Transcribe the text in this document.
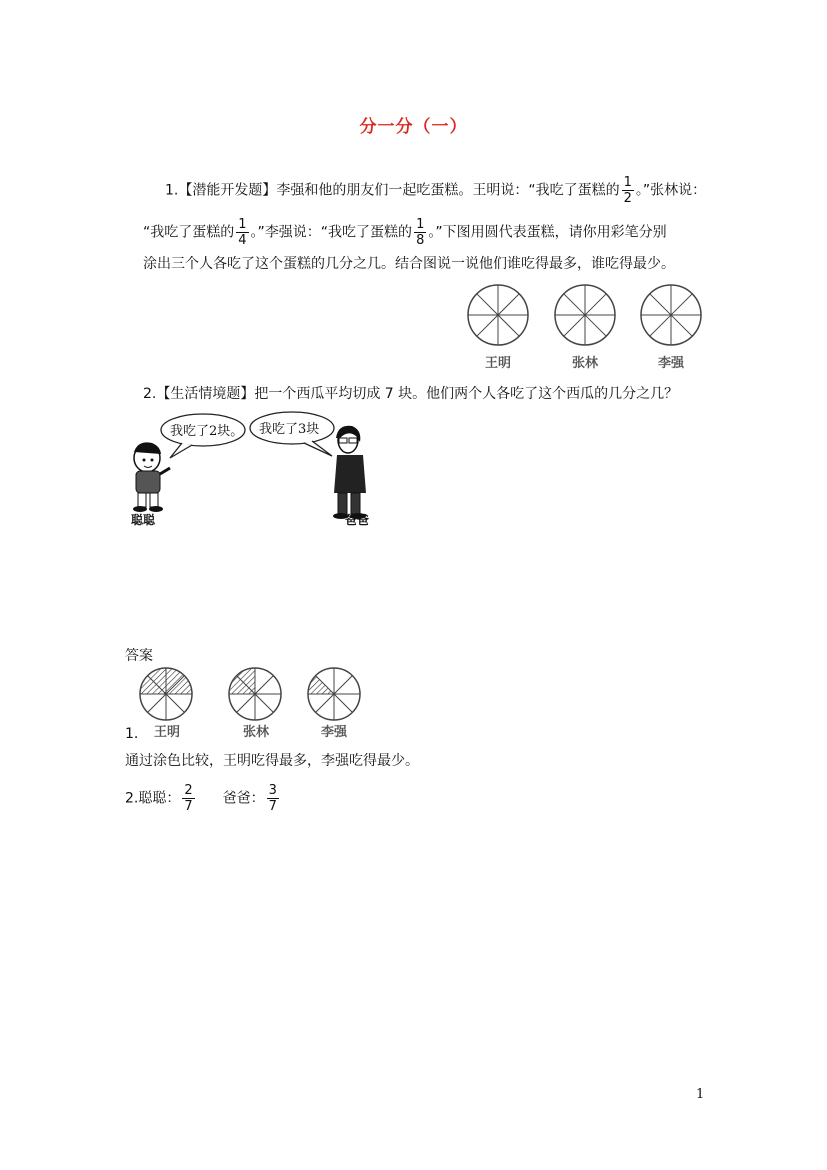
分一分（一）
1.【潜能开发题】李强和他的朋友们一起吃蛋糕。王明说：“我吃了蛋糕的 $\frac{1}{2}$ 。”张林说：
“我吃了蛋糕的 $\frac{1}{4}$ 。”李强说：“我吃了蛋糕的 $\frac{1}{8}$ 。”下图用圆代表蛋糕，请你用彩笔分别
涂出三个人各吃了这个蛋糕的几分之几。结合图说一说他们谁吃得最多，谁吃得最少。
王明	张林	李强
2.【生活情境题】把一个西瓜平均切成 7 块。他们两个人各吃了这个西瓜的几分之几？
我吃了2块。 我吃了3块
聪聪	爸爸
答案
王明	张林	李强
1.
通过涂色比较，王明吃得最多，李强吃得最少。
2.聪聪： $\frac{2}{7}$ 爸爸： $\frac{3}{7}$
1
